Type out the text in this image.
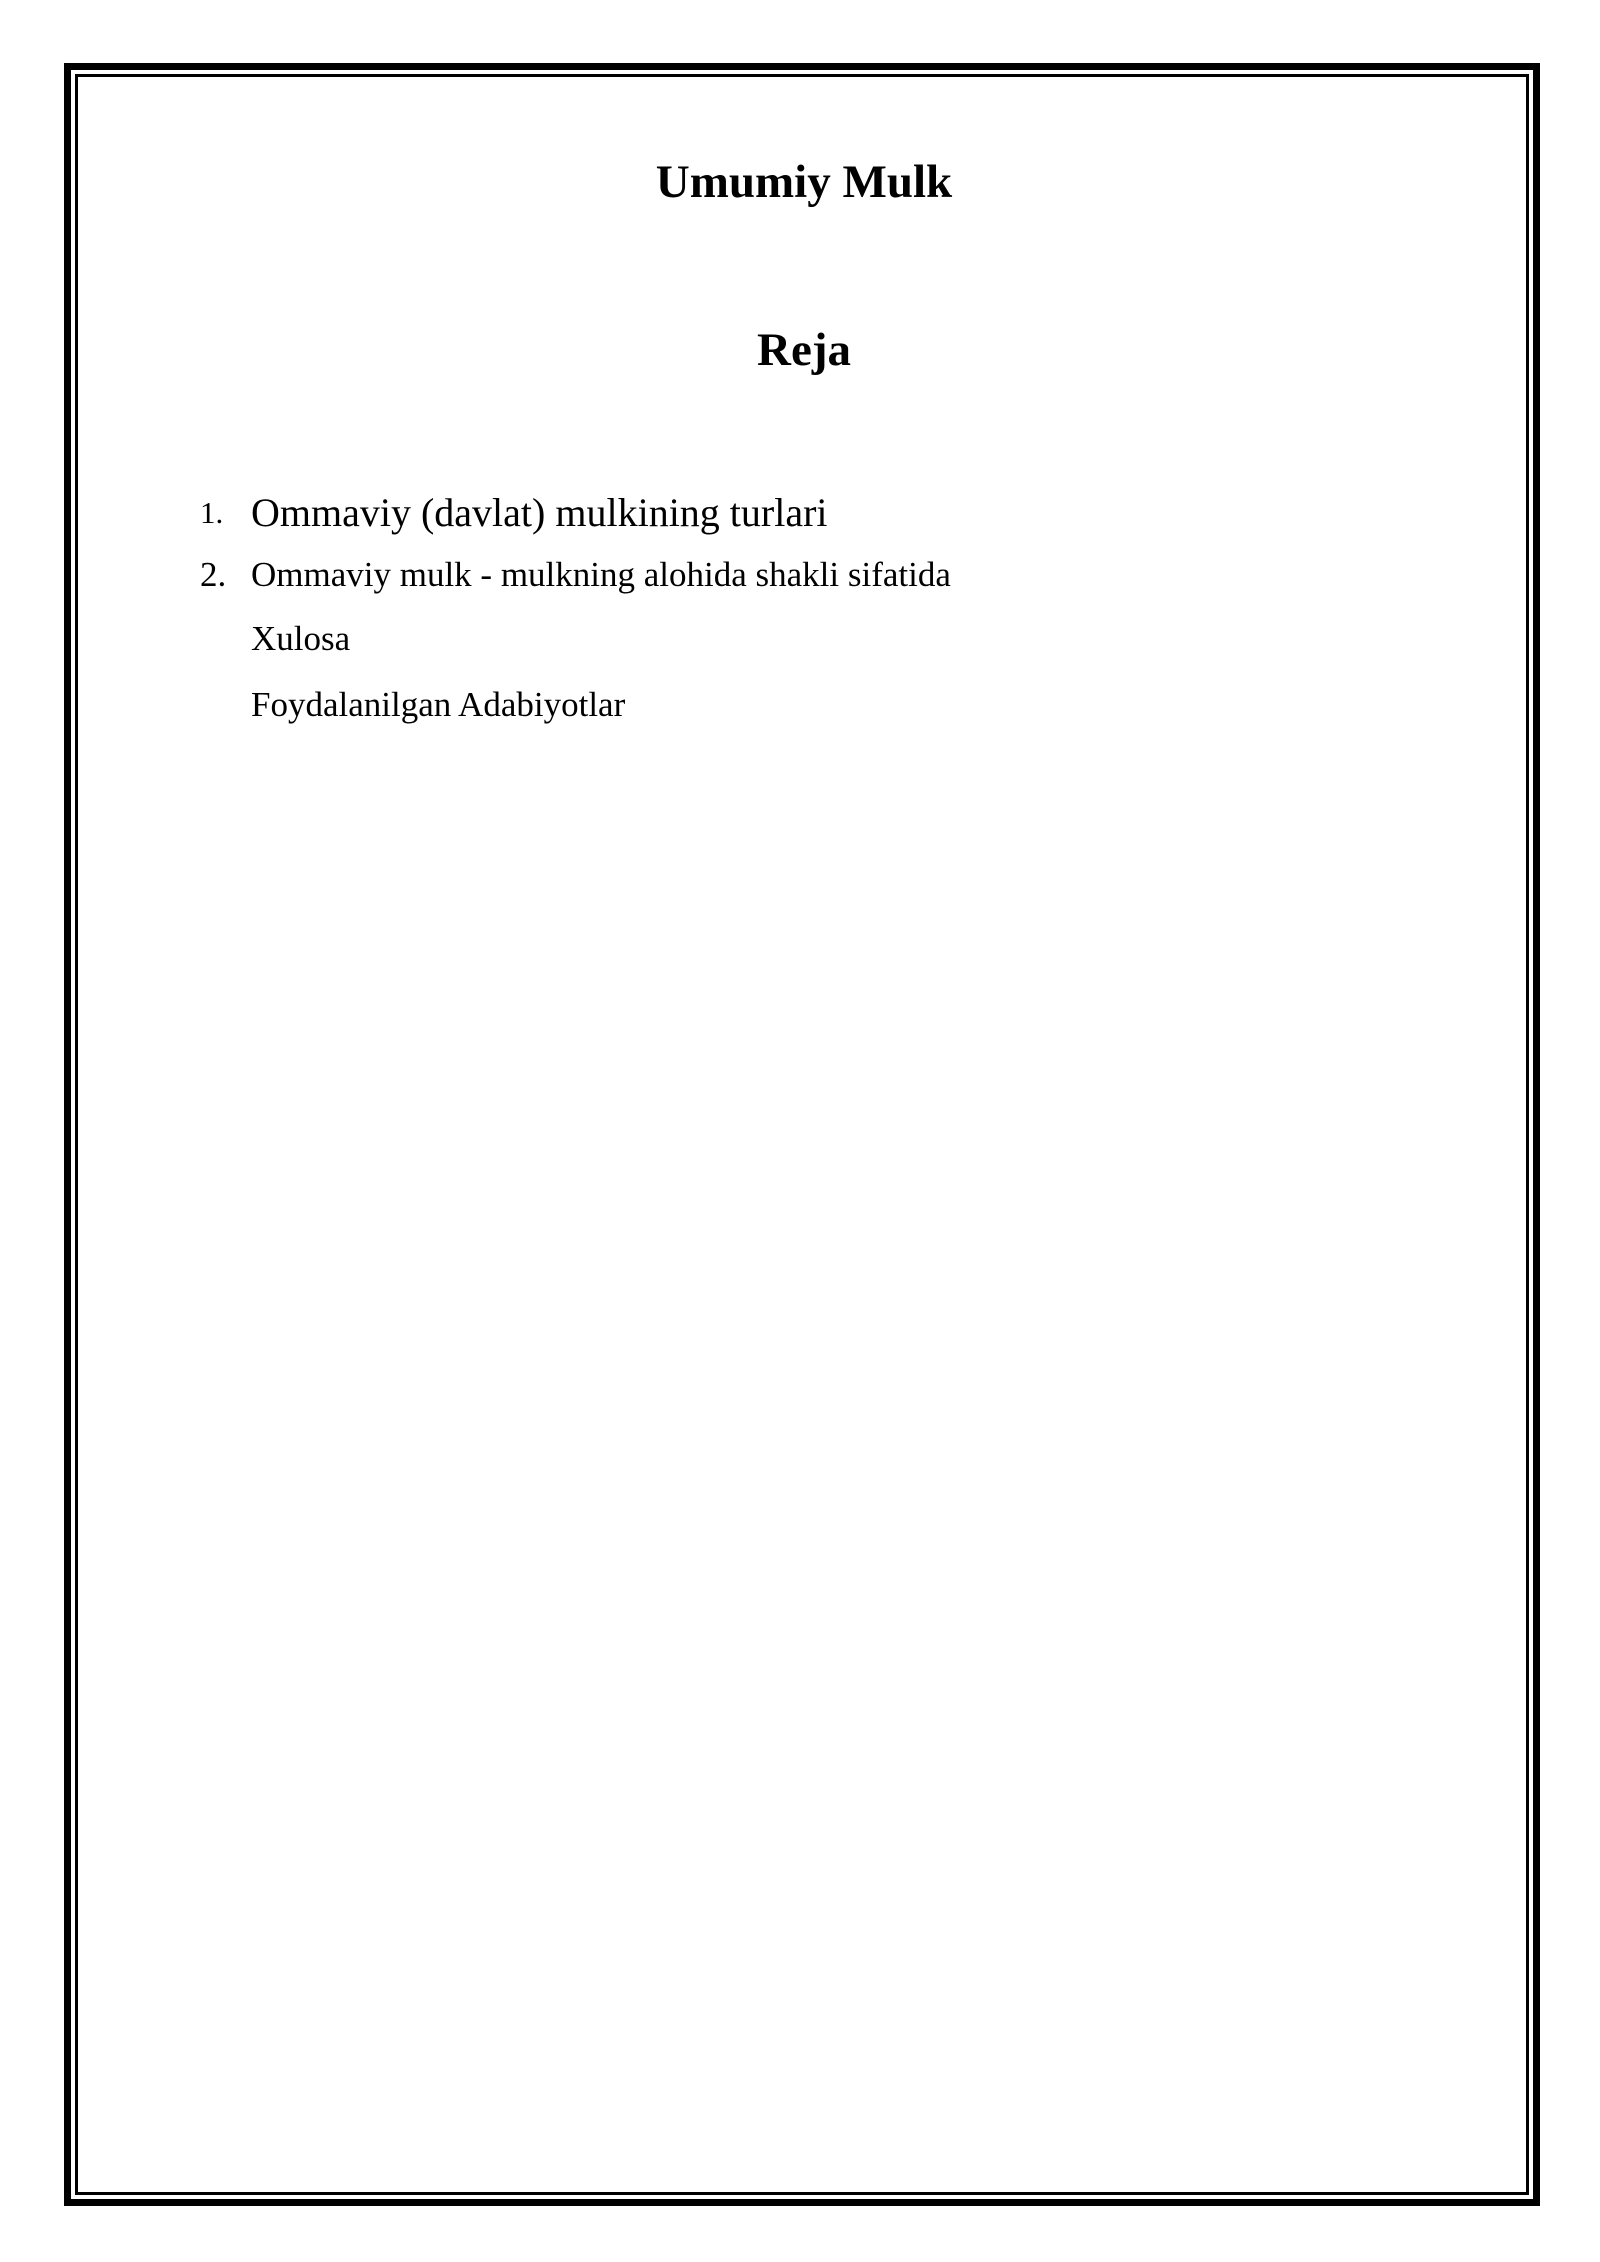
Umumiy Mulk
Reja
1. Ommaviy (davlat) mulkining turlari
2. Ommaviy mulk - mulkning alohida shakli sifatida
Xulosa
Foydalanilgan Adabiyotlar
